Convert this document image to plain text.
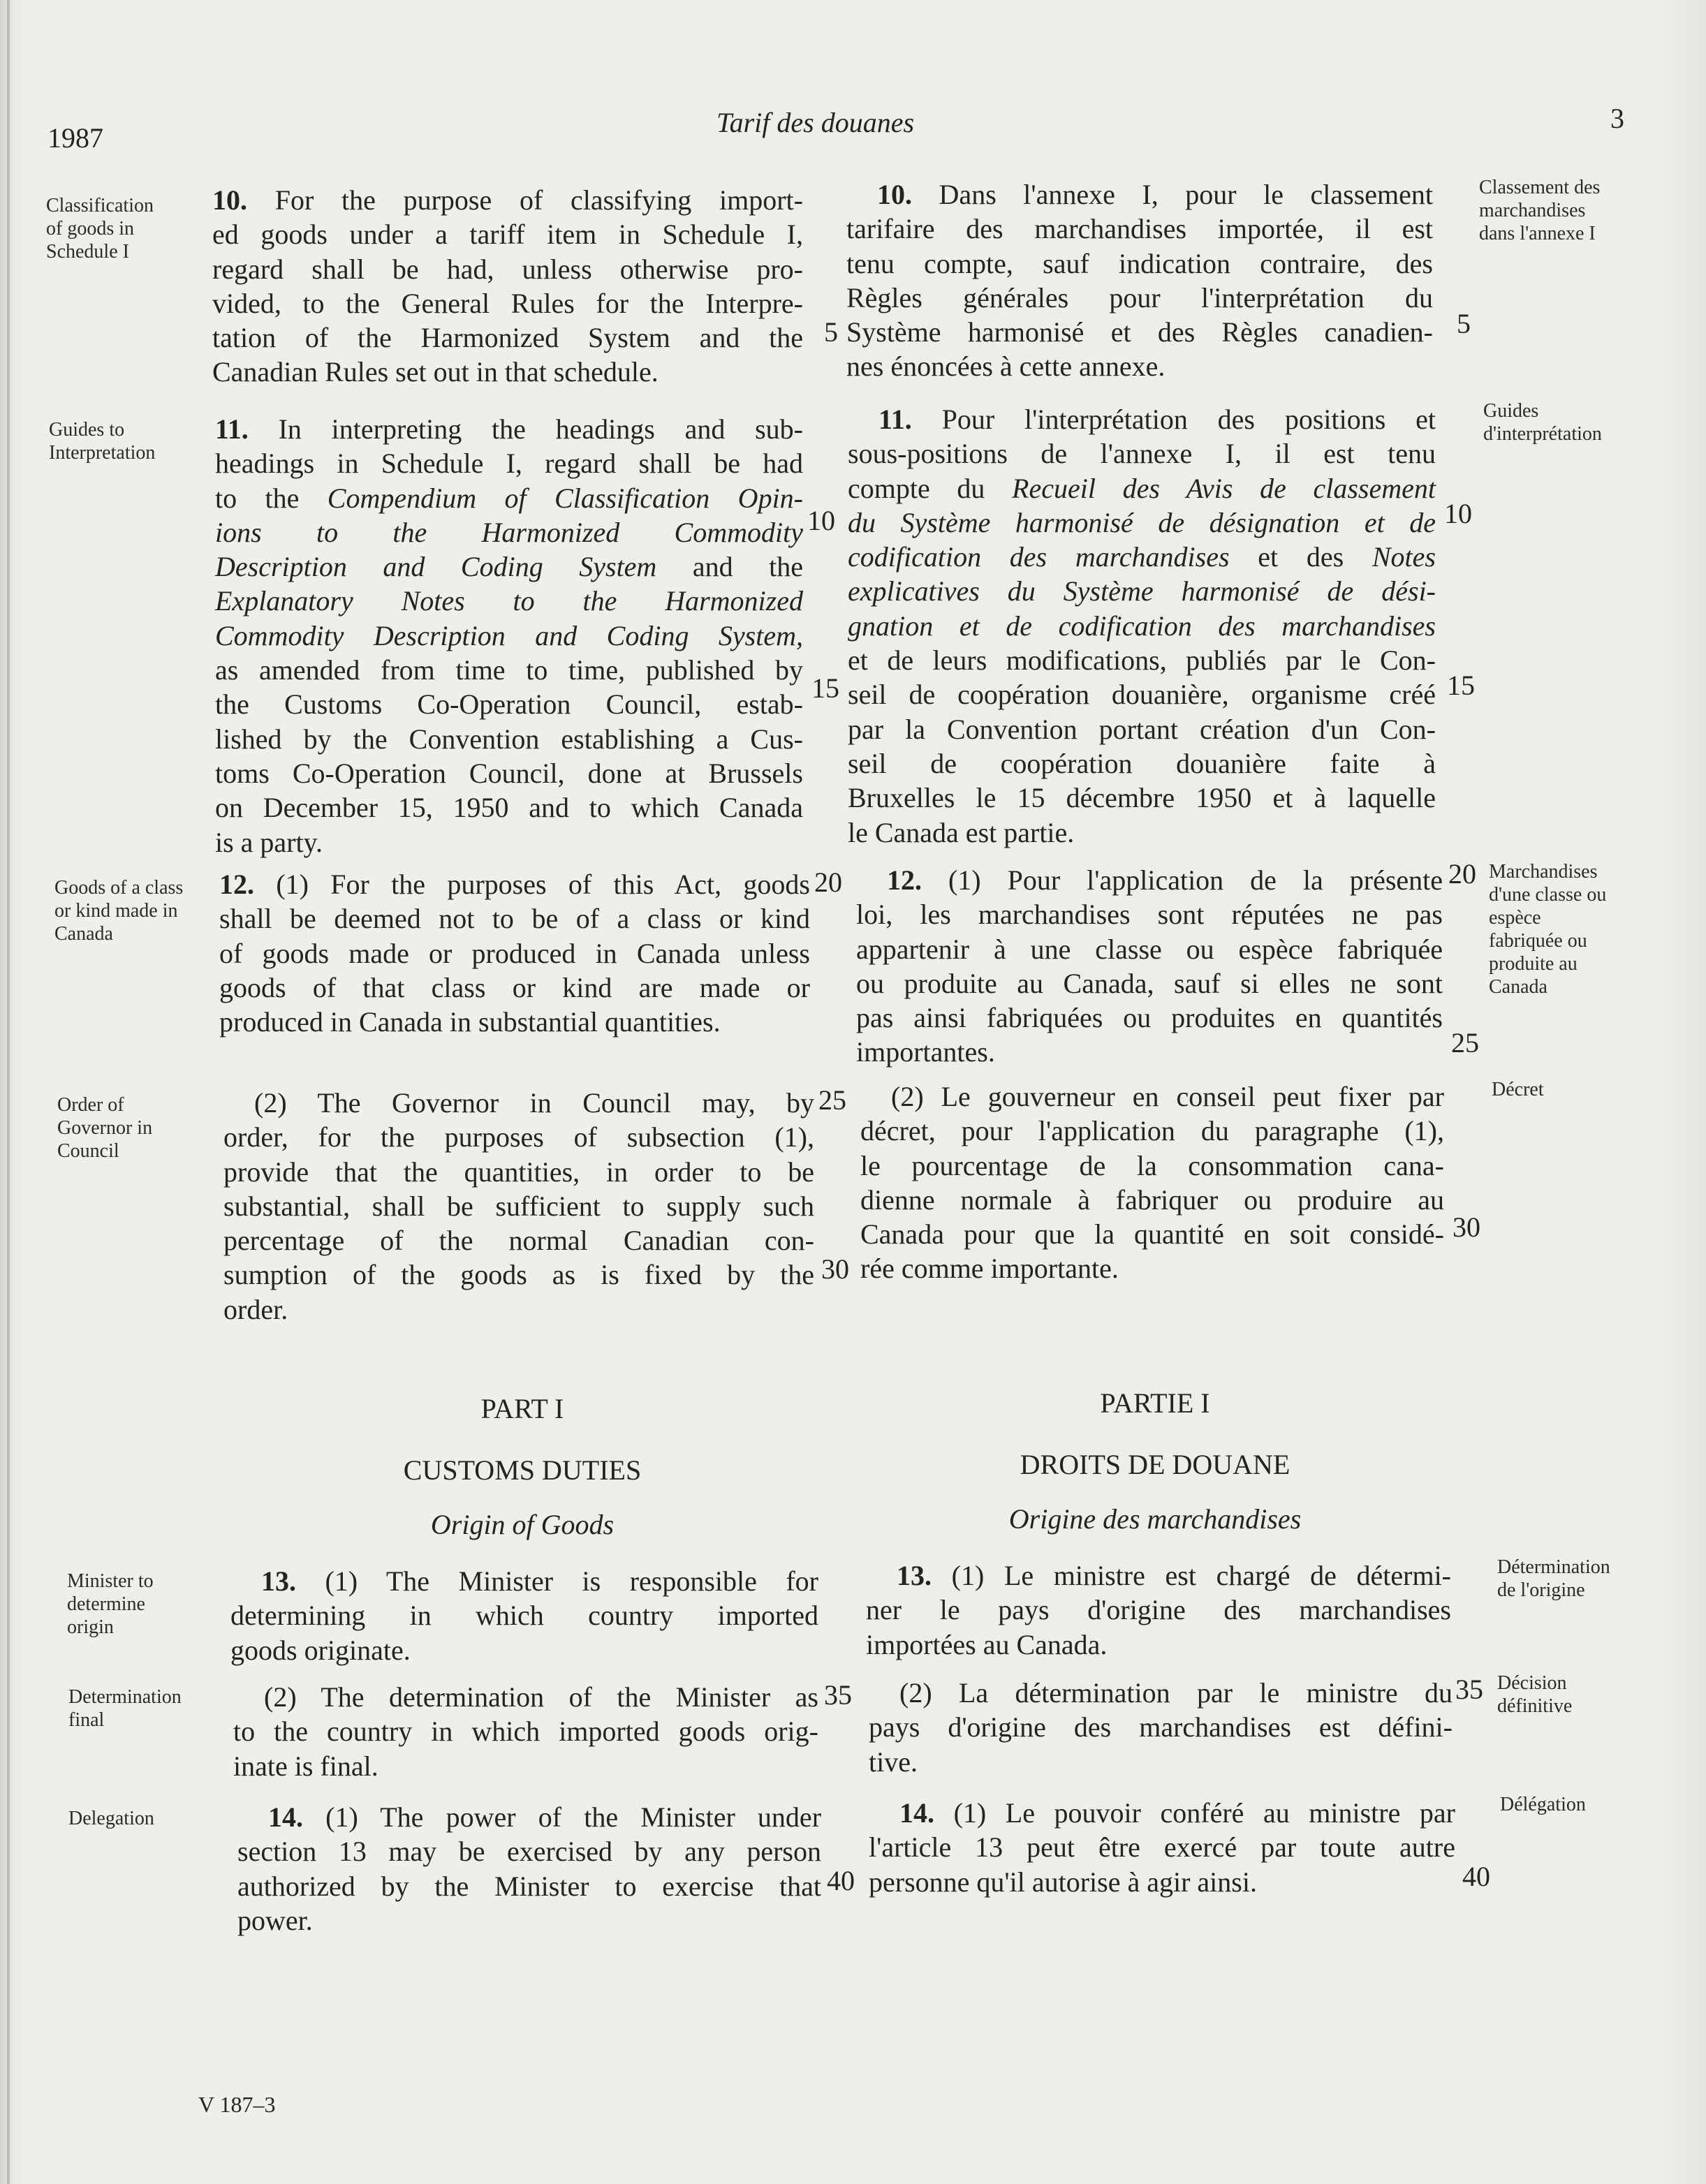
1987	Tarif des douanes	3
Classification
of goods in
Schedule I
Guides to
Interpretation
Goods of a class
or kind made in
Canada
Order of
Governor in
Council
Minister to
determine
origin
Determination
final
Delegation
10. For the purpose of classifying import-
ed goods under a tariff item in Schedule I,
regard shall be had, unless otherwise pro-
vided, to the General Rules for the Interpre-
tation of the Harmonized System and the
Canadian Rules set out in that schedule.
11. In interpreting the headings and sub-
headings in Schedule I, regard shall be had
to the Compendium of Classification Opin-
ions to the Harmonized Commodity
Description and Coding System and the
Explanatory Notes to the Harmonized
Commodity Description and Coding System,
as amended from time to time, published by
the Customs Co-Operation Council, estab-
lished by the Convention establishing a Cus-
toms Co-Operation Council, done at Brussels
on December 15, 1950 and to which Canada
is a party.
12. (1) For the purposes of this Act, goods
shall be deemed not to be of a class or kind
of goods made or produced in Canada unless
goods of that class or kind are made or
produced in Canada in substantial quantities.
(2) The Governor in Council may, by
order, for the purposes of subsection (1),
provide that the quantities, in order to be
substantial, shall be sufficient to supply such
percentage of the normal Canadian con-
sumption of the goods as is fixed by the
order.
PART I
CUSTOMS DUTIES
Origin of Goods
13. (1) The Minister is responsible for
determining in which country imported
goods originate.
(2) The determination of the Minister as
to the country in which imported goods orig-
inate is final.
14. (1) The power of the Minister under
section 13 may be exercised by any person
authorized by the Minister to exercise that
power.
5
10
15
20
25
30
35
40
10. Dans l'annexe I, pour le classement
tarifaire des marchandises importée, il est
tenu compte, sauf indication contraire, des
Règles générales pour l'interprétation du
Système harmonisé et des Règles canadien-
nes énoncées à cette annexe.
11. Pour l'interprétation des positions et
sous-positions de l'annexe I, il est tenu
compte du Recueil des Avis de classement
du Système harmonisé de désignation et de
codification des marchandises et des Notes
explicatives du Système harmonisé de dési-
gnation et de codification des marchandises
et de leurs modifications, publiés par le Con-
seil de coopération douanière, organisme créé
par la Convention portant création d'un Con-
seil de coopération douanière faite à
Bruxelles le 15 décembre 1950 et à laquelle
le Canada est partie.
12. (1) Pour l'application de la présente
loi, les marchandises sont réputées ne pas
appartenir à une classe ou espèce fabriquée
ou produite au Canada, sauf si elles ne sont
pas ainsi fabriquées ou produites en quantités
importantes.
(2) Le gouverneur en conseil peut fixer par
décret, pour l'application du paragraphe (1),
le pourcentage de la consommation cana-
dienne normale à fabriquer ou produire au
Canada pour que la quantité en soit considé-
rée comme importante.
PARTIE I
DROITS DE DOUANE
Origine des marchandises
13. (1) Le ministre est chargé de détermi-
ner le pays d'origine des marchandises
importées au Canada.
(2) La détermination par le ministre du
pays d'origine des marchandises est défini-
tive.
14. (1) Le pouvoir conféré au ministre par
l'article 13 peut être exercé par toute autre
personne qu'il autorise à agir ainsi.
5
10
15
20
25
30
35
40
Classement des
marchandises
dans l'annexe I
Guides
d'interprétation
Marchandises
d'une classe ou
espèce
fabriquée ou
produite au
Canada
Décret
Détermination
de l'origine
Décision
définitive
Délégation
V 187–3
